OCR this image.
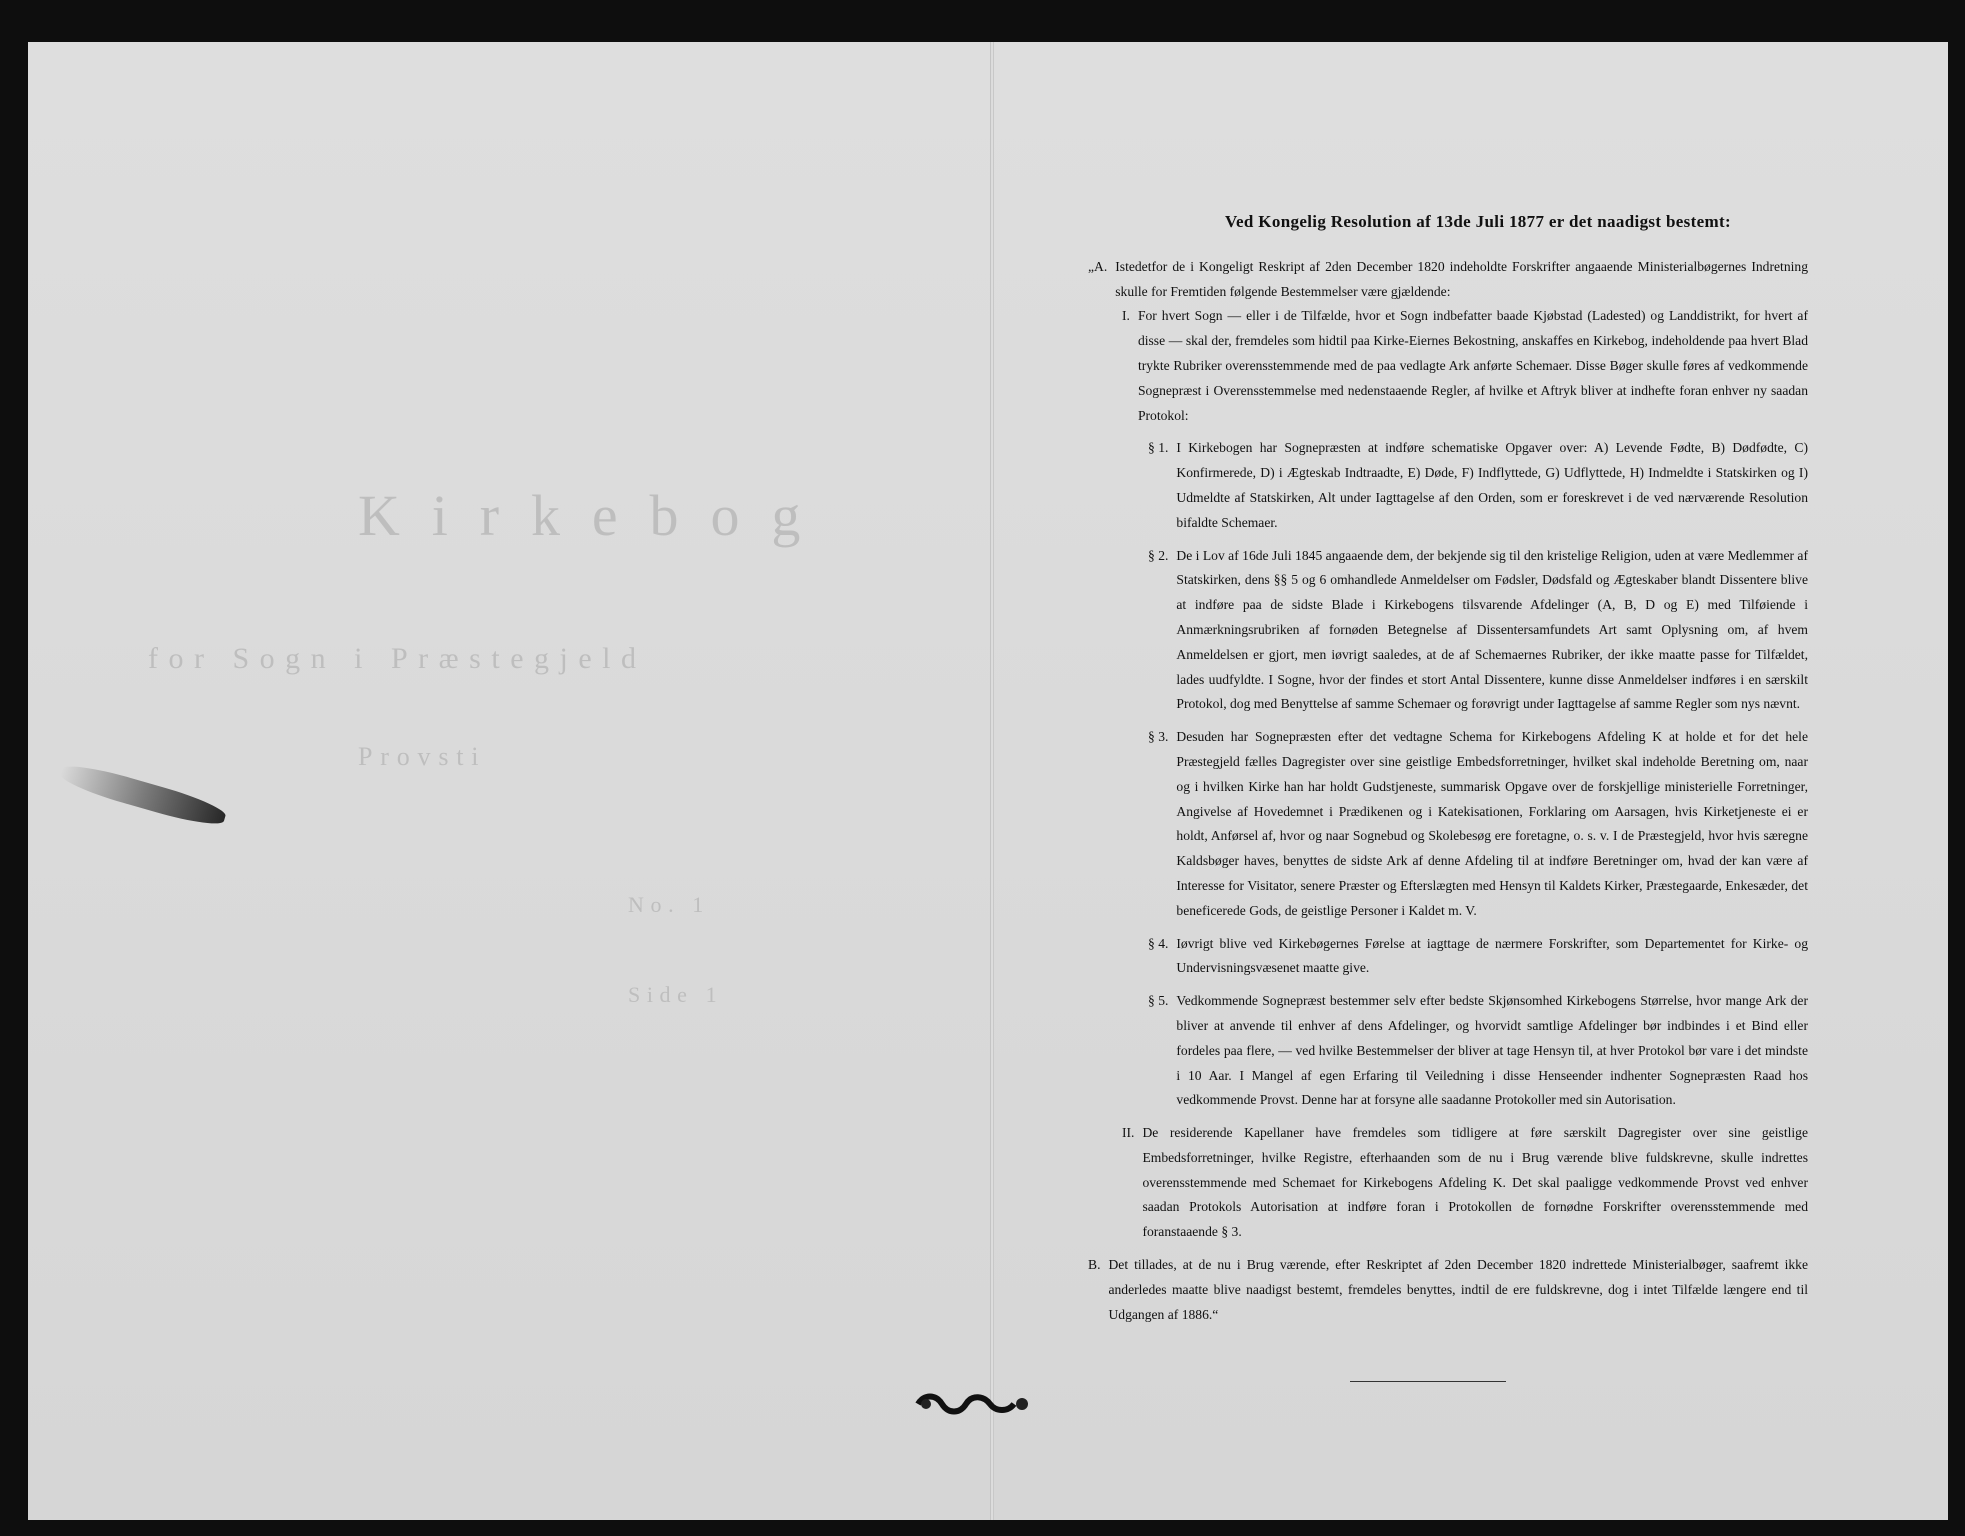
Kirkebog
for Sogn i Præstegjeld
Provsti
No. 1
Side 1
Ved Kongelig Resolution af 13de Juli 1877 er det naadigst bestemt:
„A. Istedetfor de i Kongeligt Reskript af 2den December 1820 indeholdte Forskrifter angaaende Ministerialbøgernes Indretning skulle for Fremtiden følgende Bestemmelser være gjældende:
I. For hvert Sogn — eller i de Tilfælde, hvor et Sogn indbefatter baade Kjøbstad (Ladested) og Landdistrikt, for hvert af disse — skal der, fremdeles som hidtil paa Kirke-Eiernes Bekostning, anskaffes en Kirkebog, indeholdende paa hvert Blad trykte Rubriker overensstemmende med de paa vedlagte Ark anførte Schemaer. Disse Bøger skulle føres af vedkommende Sognepræst i Overensstemmelse med nedenstaaende Regler, af hvilke et Aftryk bliver at indhefte foran enhver ny saadan Protokol:
§ 1. I Kirkebogen har Sognepræsten at indføre schematiske Opgaver over: A) Levende Fødte, B) Dødfødte, C) Konfirmerede, D) i Ægteskab Indtraadte, E) Døde, F) Indflyttede, G) Udflyttede, H) Indmeldte i Statskirken og I) Udmeldte af Statskirken, Alt under Iagttagelse af den Orden, som er foreskrevet i de ved nærværende Resolution bifaldte Schemaer.
§ 2. De i Lov af 16de Juli 1845 angaaende dem, der bekjende sig til den kristelige Religion, uden at være Medlemmer af Statskirken, dens §§ 5 og 6 omhandlede Anmeldelser om Fødsler, Dødsfald og Ægteskaber blandt Dissentere blive at indføre paa de sidste Blade i Kirkebogens tilsvarende Afdelinger (A, B, D og E) med Tilføiende i Anmærkningsrubriken af fornøden Betegnelse af Dissentersamfundets Art samt Oplysning om, af hvem Anmeldelsen er gjort, men iøvrigt saaledes, at de af Schemaernes Rubriker, der ikke maatte passe for Tilfældet, lades uudfyldte. I Sogne, hvor der findes et stort Antal Dissentere, kunne disse Anmeldelser indføres i en særskilt Protokol, dog med Benyttelse af samme Schemaer og forøvrigt under Iagttagelse af samme Regler som nys nævnt.
§ 3. Desuden har Sognepræsten efter det vedtagne Schema for Kirkebogens Afdeling K at holde et for det hele Præstegjeld fælles Dagregister over sine geistlige Embedsforretninger, hvilket skal indeholde Beretning om, naar og i hvilken Kirke han har holdt Gudstjeneste, summarisk Opgave over de forskjellige ministerielle Forretninger, Angivelse af Hovedemnet i Prædikenen og i Katekisationen, Forklaring om Aarsagen, hvis Kirketjeneste ei er holdt, Anførsel af, hvor og naar Sognebud og Skolebesøg ere foretagne, o. s. v. I de Præstegjeld, hvor hvis særegne Kaldsbøger haves, benyttes de sidste Ark af denne Afdeling til at indføre Beretninger om, hvad der kan være af Interesse for Visitator, senere Præster og Efterslægten med Hensyn til Kaldets Kirker, Præstegaarde, Enkesæder, det beneficerede Gods, de geistlige Personer i Kaldet m. V.
§ 4. Iøvrigt blive ved Kirkebøgernes Førelse at iagttage de nærmere Forskrifter, som Departementet for Kirke- og Undervisningsvæsenet maatte give.
§ 5. Vedkommende Sognepræst bestemmer selv efter bedste Skjønsomhed Kirkebogens Størrelse, hvor mange Ark der bliver at anvende til enhver af dens Afdelinger, og hvorvidt samtlige Afdelinger bør indbindes i et Bind eller fordeles paa flere, — ved hvilke Bestemmelser der bliver at tage Hensyn til, at hver Protokol bør vare i det mindste i 10 Aar. I Mangel af egen Erfaring til Veiledning i disse Henseender indhenter Sognepræsten Raad hos vedkommende Provst. Denne har at forsyne alle saadanne Protokoller med sin Autorisation.
II. De residerende Kapellaner have fremdeles som tidligere at føre særskilt Dagregister over sine geistlige Embedsforretninger, hvilke Registre, efterhaanden som de nu i Brug værende blive fuldskrevne, skulle indrettes overensstemmende med Schemaet for Kirkebogens Afdeling K. Det skal paaligge vedkommende Provst ved enhver saadan Protokols Autorisation at indføre foran i Protokollen de fornødne Forskrifter overensstemmende med foranstaaende § 3.
B. Det tillades, at de nu i Brug værende, efter Reskriptet af 2den December 1820 indrettede Ministerialbøger, saafremt ikke anderledes maatte blive naadigst bestemt, fremdeles benyttes, indtil de ere fuldskrevne, dog i intet Tilfælde længere end til Udgangen af 1886.“
